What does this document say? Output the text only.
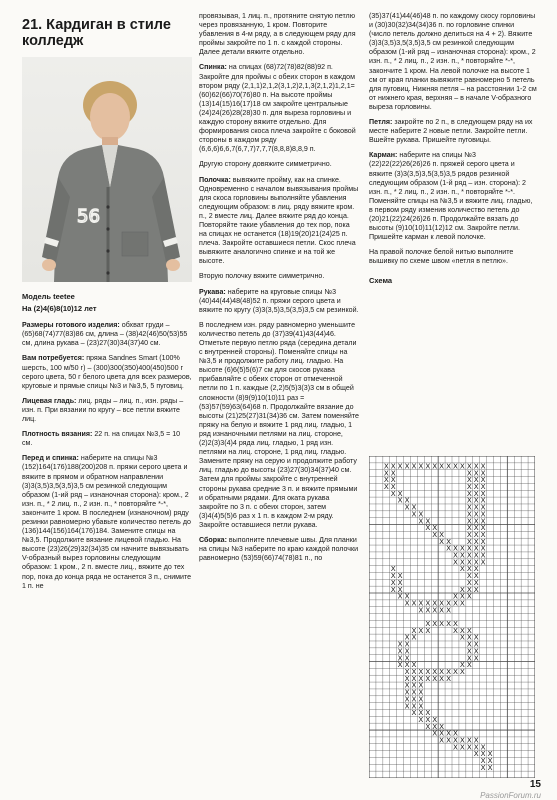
21. Кардиган в стиле колледж
56
Модель teetee
На (2)4(6)8(10)12 лет

Размеры готового изделия: обхват груди – (65)68(74)77(83)86 см, длина – (38)42(46)50(53)55 см, длина рукава – (23)27(30)34(37)40 см.

Вам потребуется: пряжа Sandnes Smart (100% шерсть, 100 м/50 г) – (300)300(350)400(450)500 г серого цвета, 50 г белого цвета для всех размеров, круговые и прямые спицы №3 и №3,5, 5 пуговиц.

Лицевая гладь: лиц. ряды – лиц. п., изн. ряды – изн. п. При вязании по кругу – все петли вяжите лиц.

Плотность вязания: 22 п. на спицах №3,5 = 10 см.

Перед и спинка: наберите на спицы №3 (152)164(176)188(200)208 п. пряжи серого цвета и вяжите в прямом и обратном направлении (3)3(3,5)3,5(3,5)3,5 см резинкой следующим образом (1-ий ряд – изнаночная сторона): кром., 2 изн. п., * 2 лиц. п., 2 изн. п., * повторяйте *-*, закончите 1 кром. В последнем (изнаночном) ряду резинки равномерно убавьте количество петель до (136)144(156)164(176)184. Замените спицы на №3,5. Продолжите вязание лицевой гладью. На высоте (23)26(29)32(34)35 см начните вывязывать V-образный вырез горловины следующим образом: 1 кром., 2 п. вместе лиц., вяжите до тех пор, пока до конца ряда не останется 3 п., снимите 1 п. не

провязывая, 1 лиц. п., протяните снятую петлю через провязанную, 1 кром. Повторите убавления в 4-м ряду, а в следующем ряду для проймы закройте по 1 п. с каждой стороны. Далее детали вяжите отдельно.

Спинка: на спицах (68)72(78)82(88)92 п. Закройте для проймы с обеих сторон в каждом втором ряду (2,1,1)2,1,2(3,1,2)2,1,3(2,1,2)1,2,1=(60)62(66)70(76)80 п. На высоте проймы (13)14(15)16(17)18 см закройте центральные (24)24(26)28(28)30 п. для выреза горловины и каждую сторону вяжите отдельно. Для формирования скоса плеча закройте с боковой стороны в каждом ряду (6,6,6)6,6,7(6,7,7)7,7,7(8,8,8)8,8,9 п.

Другую сторону довяжите симметрично.

Полочка: вывяжите пройму, как на спинке. Одновременно с началом вывязывания проймы для скоса горловины выполняйте убавления следующим образом: в лиц. ряду вяжите кром. п., 2 вместе лиц. Далее вяжите ряд до конца. Повторяйте такие убавления до тех пор, пока на спицах не останется (18)19(20)21(24)25 п. плеча. Закройте оставшиеся петли. Скос плеча вывяжите аналогично спинке и на той же высоте.

Вторую полочку вяжите симметрично.

Рукава: наберите на круговые спицы №3 (40)44(44)48(48)52 п. пряжи серого цвета и вяжите по кругу (3)3(3,5)3,5(3,5)3,5 см резинкой.

В последнем изн. ряду равномерно уменьшите количество петель до (37)39(41)43(44)46. Отметьте первую петлю ряда (середина детали с внутренней стороны). Поменяйте спицы на №3,5 и продолжите работу лиц. гладью. На высоте (6)6(5)5(6)7 см для скосов рукава прибавляйте с обеих сторон от отмеченной петли по 1 п. каждые (2,2)5(5)3(3)3 см в общей сложности (8)9(9)10(10)11 раз = (53)57(59)63(64)68 п. Продолжайте вязание до высоты (21)25(27)31(34)36 см. Затем поменяйте пряжу на белую и вяжите 1 ряд лиц. гладью, 1 ряд изнаночными петлями на лиц. стороне, (2)2(3)3(4)4 ряда лиц. гладью, 1 ряд изн. петлями на лиц. стороне, 1 ряд лиц. гладью. Замените пряжу на серую и продолжите работу лиц. гладью до высоты (23)27(30)34(37)40 см. Затем для проймы закройте с внутренней стороны рукава средние 3 п. и вяжите прямыми и обратными рядами. Для оката рукава закройте по 3 п. с обеих сторон, затем (3)4(4)5(5)6 раз х 1 п. в каждом 2-м ряду. Закройте оставшиеся петли рукава.

Сборка: выполните плечевые швы. Для планки на спицы №3 наберите по краю каждой полочки равномерно (53)59(66)74(78)81 п., по

(35)37(41)44(46)48 п. по каждому скосу горловины и (30)30(32)34(34)36 п. по горловине спинки (число петель должно делиться на 4 + 2). Вяжите (3)3(3,5)3,5(3,5)3,5 см резинкой следующим образом (1-ий ряд – изнаночная сторона): кром., 2 изн. п., * 2 лиц. п., 2 изн. п., * повторяйте *-*, закончите 1 кром. На левой полочке на высоте 1 см от края планки вывяжите равномерно 5 петель для пуговиц. Нижняя петля – на расстоянии 1-2 см от нижнего края, верхняя – в начале V-образного выреза горловины.

Петля: закройте по 2 п., в следующем ряду на их месте наберите 2 новые петли. Закройте петли. Вшейте рукава. Пришейте пуговицы.

Карман: наберите на спицы №3 (22)22(22)26(26)26 п. пряжей серого цвета и вяжите (3)3(3,5)3,5(3,5)3,5 рядов резинкой следующим образом (1-й ряд – изн. сторона): 2 изн. п., * 2 лиц. п., 2 изн. п., * повторяйте *-*. Поменяйте спицы на №3,5 и вяжите лиц. гладью, в первом ряду изменив количество петель до (20)21(22)24(26)26 п. Продолжайте вязать до высоты (9)10(10)11(12)12 см. Закройте петли. Пришейте карман к левой полочке.

На правой полочке белой нитью выполните вышивку по схеме швом «петля в петлю».

Схема
X X X X X X X X X X X X X X X
X X	X X X
X X	X X X
X X	X X X
X X	X X X
X X	X X X
X X	X X X
X X	X X X
X X	X X X
X X	X X X
X X	X X X
X X X X X
X X X X X X
X X X X X
X X X X X
X	X X X
X X	X X
X X	X X
X X	X X X
X X	X X X
X X X X X X X X X
X X X X X
X X X X X
X X X	X X X
X X	X X X
X X	X X
X X	X X
X X	X X
X X X	X X
X X X X X X X X X
X X X X X X X
X X X
X X X
X X X
X X X
X X X
X X X
X X X
X X X X
X X X X X X
X X X X X
X X X
X X
X X
15
PassionForum.ru
